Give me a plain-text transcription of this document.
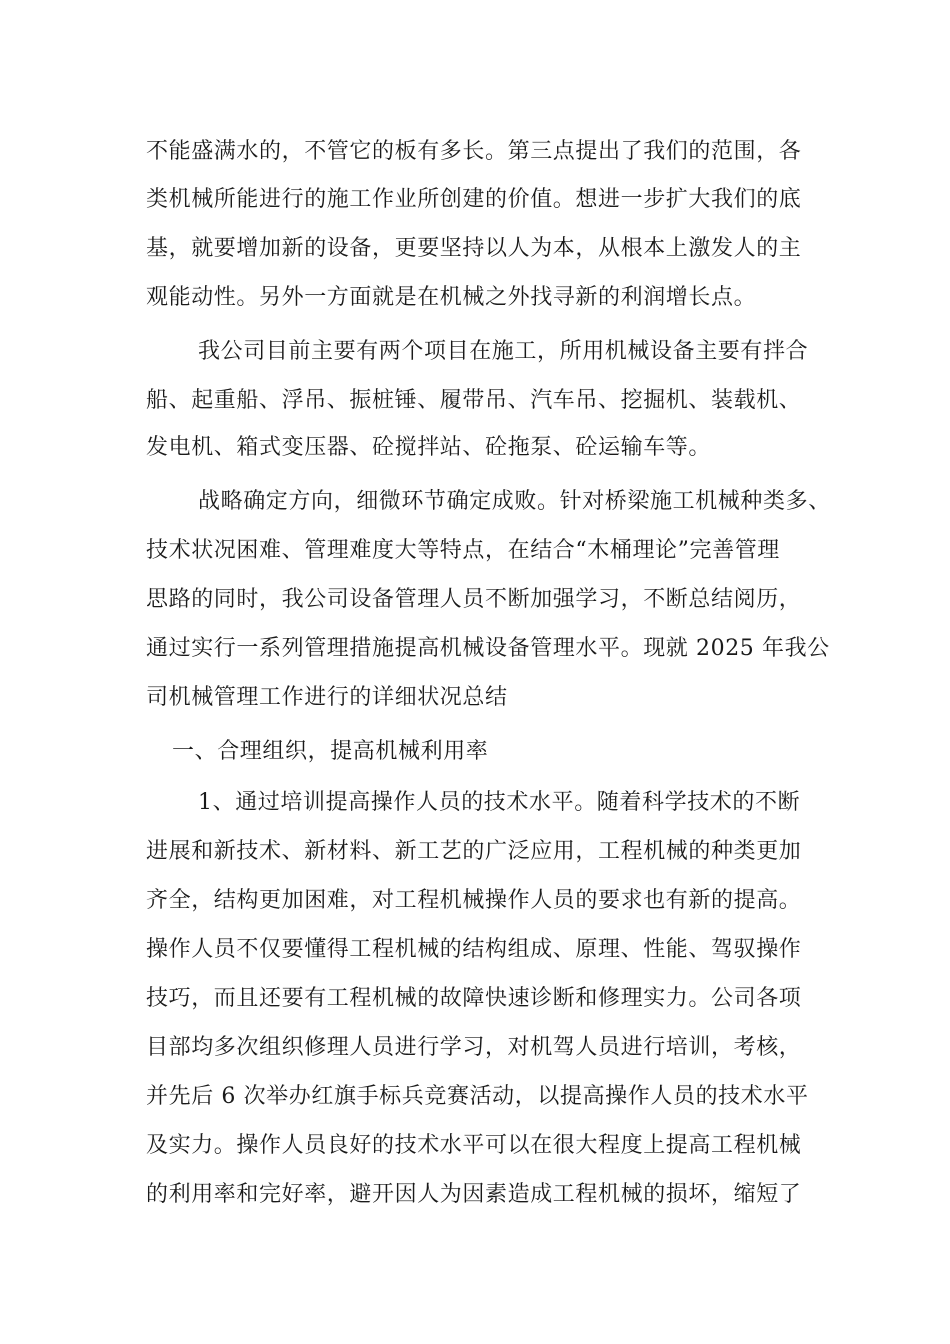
不能盛满水的，不管它的板有多长。第三点提出了我们的范围，各
类机械所能进行的施工作业所创建的价值。想进一步扩大我们的底
基，就要增加新的设备，更要坚持以人为本，从根本上激发人的主
观能动性。另外一方面就是在机械之外找寻新的利润增长点。
我公司目前主要有两个项目在施工，所用机械设备主要有拌合
船、起重船、浮吊、振桩锤、履带吊、汽车吊、挖掘机、装载机、
发电机、箱式变压器、砼搅拌站、砼拖泵、砼运输车等。
战略确定方向，细微环节确定成败。针对桥梁施工机械种类多、
技术状况困难、管理难度大等特点，在结合“木桶理论”完善管理
思路的同时，我公司设备管理人员不断加强学习，不断总结阅历，
通过实行一系列管理措施提高机械设备管理水平。现就 2025 年我公
司机械管理工作进行的详细状况总结
一、合理组织，提高机械利用率
1、通过培训提高操作人员的技术水平。随着科学技术的不断
进展和新技术、新材料、新工艺的广泛应用，工程机械的种类更加
齐全，结构更加困难，对工程机械操作人员的要求也有新的提高。
操作人员不仅要懂得工程机械的结构组成、原理、性能、驾驭操作
技巧，而且还要有工程机械的故障快速诊断和修理实力。公司各项
目部均多次组织修理人员进行学习，对机驾人员进行培训，考核，
并先后 6 次举办红旗手标兵竞赛活动，以提高操作人员的技术水平
及实力。操作人员良好的技术水平可以在很大程度上提高工程机械
的利用率和完好率，避开因人为因素造成工程机械的损坏，缩短了
